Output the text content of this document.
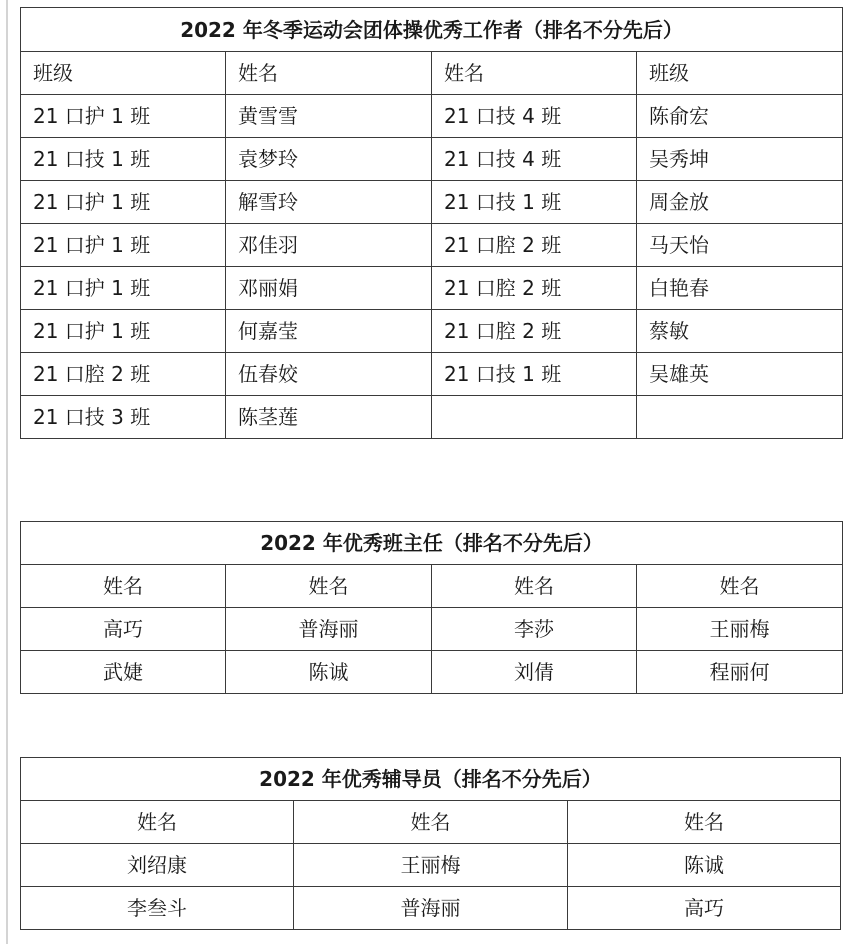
2022 年冬季运动会团体操优秀工作者（排名不分先后）			
班级	姓名	姓名	班级
21 口护 1 班	黄雪雪	21 口技 4 班	陈俞宏
21 口技 1 班	袁梦玲	21 口技 4 班	吴秀坤
21 口护 1 班	解雪玲	21 口技 1 班	周金放
21 口护 1 班	邓佳羽	21 口腔 2 班	马天怡
21 口护 1 班	邓丽娟	21 口腔 2 班	白艳春
21 口护 1 班	何嘉莹	21 口腔 2 班	蔡敏
21 口腔 2 班	伍春姣	21 口技 1 班	吴雄英
21 口技 3 班	陈茎莲		
2022 年优秀班主任（排名不分先后）			
姓名	姓名	姓名	姓名
高巧	普海丽	李莎	王丽梅
武婕	陈诚	刘倩	程丽何
2022 年优秀辅导员（排名不分先后）		
姓名	姓名	姓名
刘绍康	王丽梅	陈诚
李叁斗	普海丽	高巧
